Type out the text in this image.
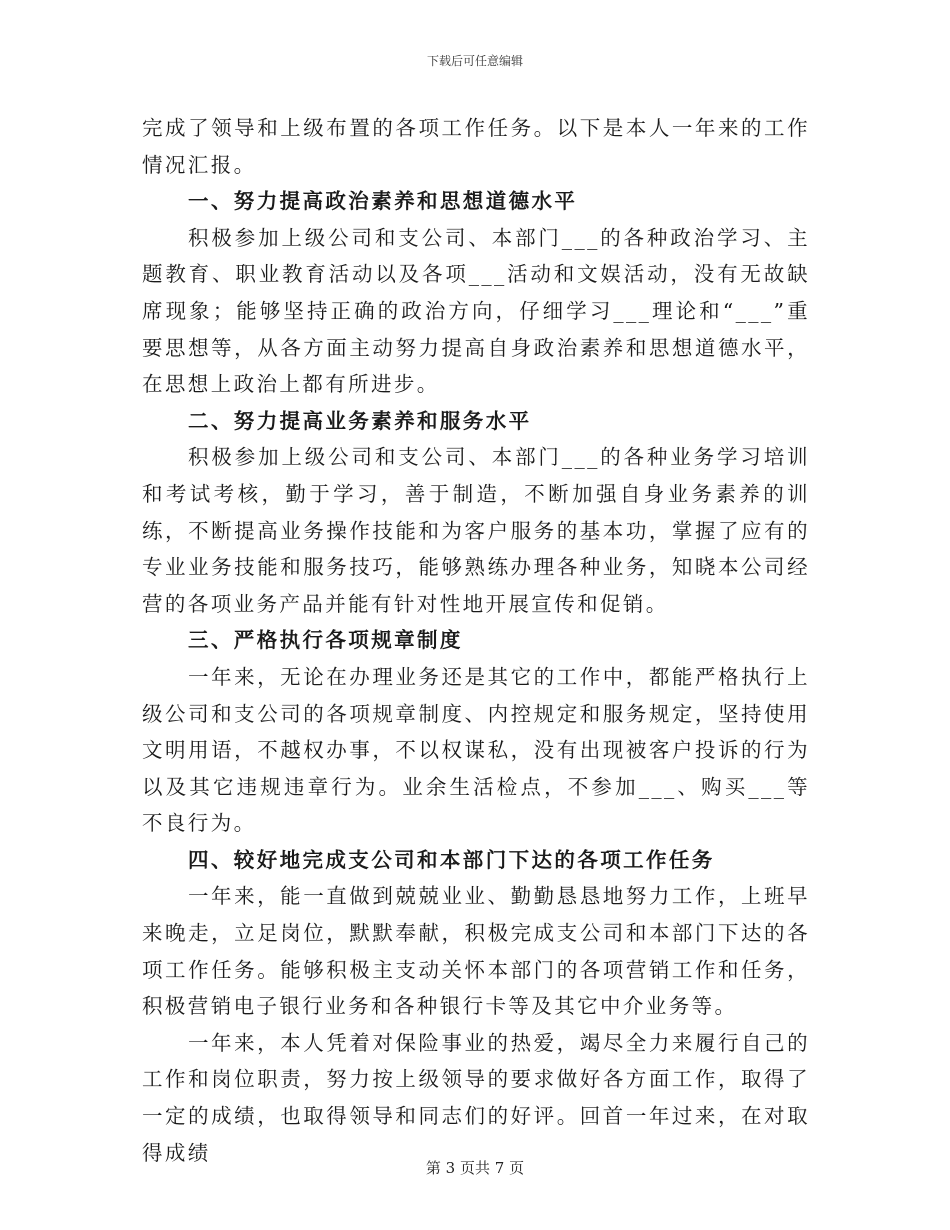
下载后可任意编辑

完成了领导和上级布置的各项工作任务。以下是本人一年来的工作情况汇报。

一、努力提高政治素养和思想道德水平

积极参加上级公司和支公司、本部门___的各种政治学习、主题教育、职业教育活动以及各项___活动和文娱活动，没有无故缺席现象；能够坚持正确的政治方向，仔细学习___理论和“___”重要思想等，从各方面主动努力提高自身政治素养和思想道德水平，在思想上政治上都有所进步。

二、努力提高业务素养和服务水平

积极参加上级公司和支公司、本部门___的各种业务学习培训和考试考核，勤于学习，善于制造，不断加强自身业务素养的训练，不断提高业务操作技能和为客户服务的基本功，掌握了应有的专业业务技能和服务技巧，能够熟练办理各种业务，知晓本公司经营的各项业务产品并能有针对性地开展宣传和促销。

三、严格执行各项规章制度

一年来，无论在办理业务还是其它的工作中，都能严格执行上级公司和支公司的各项规章制度、内控规定和服务规定，坚持使用文明用语，不越权办事，不以权谋私，没有出现被客户投诉的行为以及其它违规违章行为。业余生活检点，不参加___、购买___等不良行为。

四、较好地完成支公司和本部门下达的各项工作任务

一年来，能一直做到兢兢业业、勤勤恳恳地努力工作，上班早来晚走，立足岗位，默默奉献，积极完成支公司和本部门下达的各项工作任务。能够积极主支动关怀本部门的各项营销工作和任务，积极营销电子银行业务和各种银行卡等及其它中介业务等。

一年来，本人凭着对保险事业的热爱，竭尽全力来履行自己的工作和岗位职责，努力按上级领导的要求做好各方面工作，取得了一定的成绩，也取得领导和同志们的好评。回首一年过来，在对取得成绩

第 3 页共 7 页
